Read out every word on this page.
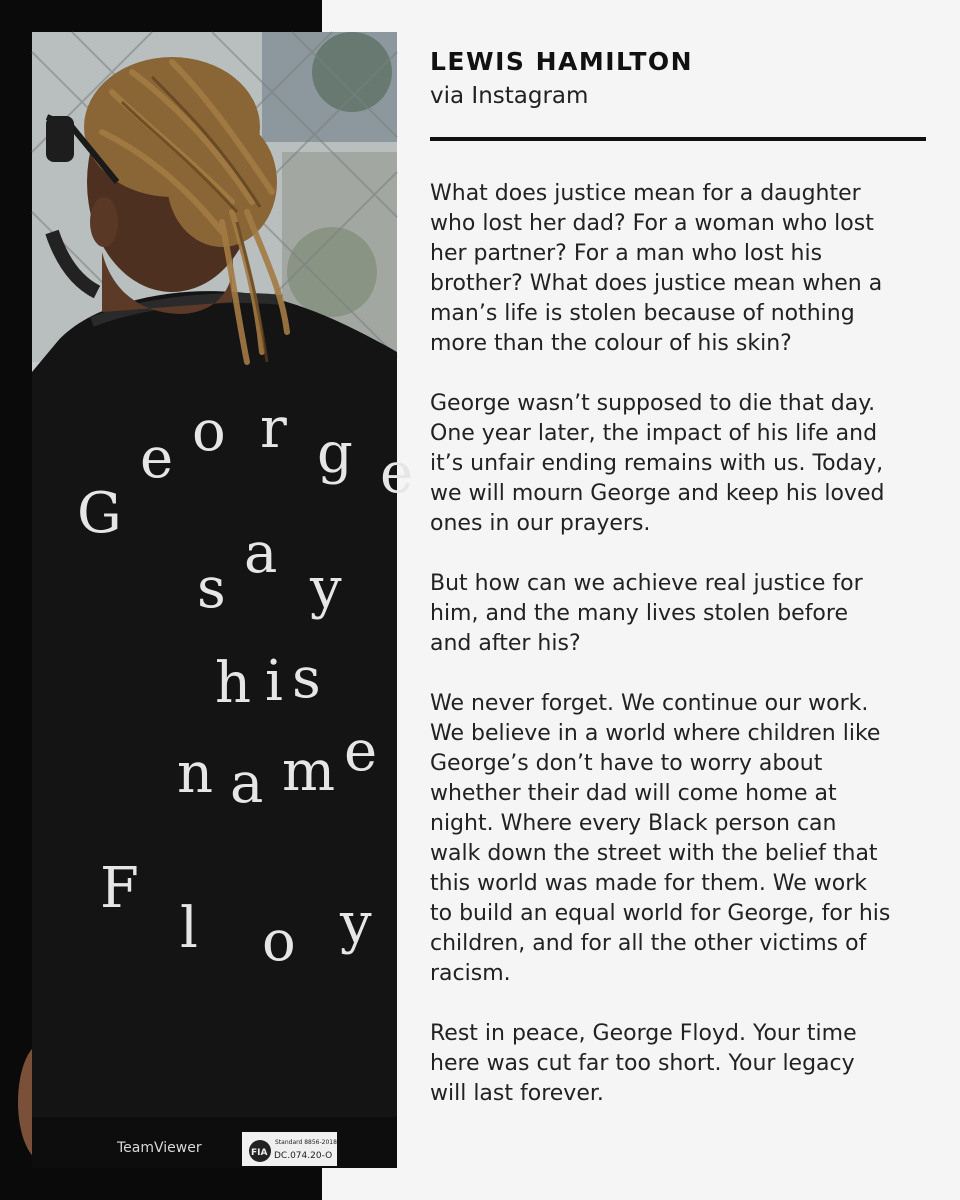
G
e o r g e
s
a
y
h i s
n a m e
F
l o y
TeamViewer	FIA
Standard 8856-2018
DC.074.20-O
LEWIS HAMILTON

via Instagram

What does justice mean for a daughter
who lost her dad? For a woman who lost
her partner? For a man who lost his
brother? What does justice mean when a
man’s life is stolen because of nothing
more than the colour of his skin?

George wasn’t supposed to die that day.
One year later, the impact of his life and
it’s unfair ending remains with us. Today,
we will mourn George and keep his loved
ones in our prayers.

But how can we achieve real justice for
him, and the many lives stolen before
and after his?

We never forget. We continue our work.
We believe in a world where children like
George’s don’t have to worry about
whether their dad will come home at
night. Where every Black person can
walk down the street with the belief that
this world was made for them. We work
to build an equal world for George, for his
children, and for all the other victims of
racism.

Rest in peace, George Floyd. Your time
here was cut far too short. Your legacy
will last forever.
